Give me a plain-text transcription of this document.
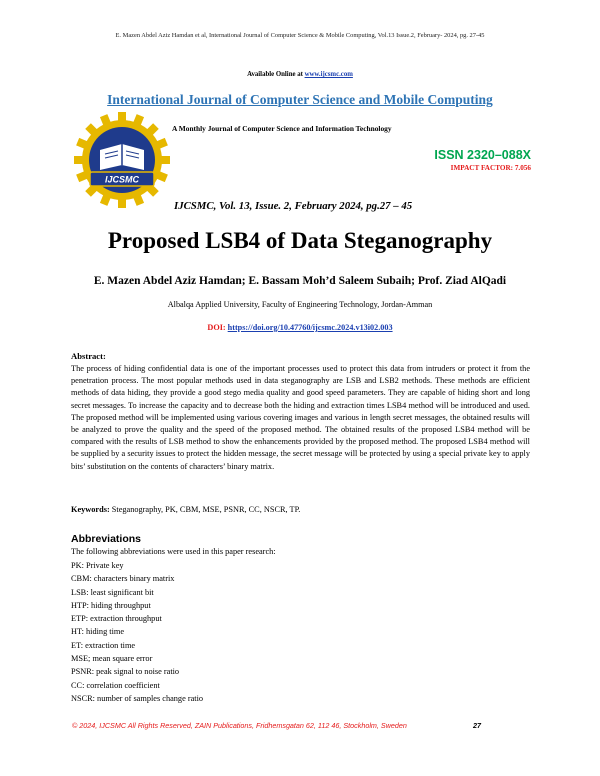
E. Mazen Abdel Aziz Hamdan et al, International Journal of Computer Science & Mobile Computing, Vol.13 Issue.2, February- 2024, pg. 27-45
Available Online at www.ijcsmc.com
International Journal of Computer Science and Mobile Computing
IJCSMC
A Monthly Journal of Computer Science and Information Technology
ISSN 2320–088X
IMPACT FACTOR: 7.056
IJCSMC, Vol. 13, Issue. 2, February 2024, pg.27 – 45
Proposed LSB4 of Data Steganography
E. Mazen Abdel Aziz Hamdan; E. Bassam Moh’d Saleem Subaih; Prof. Ziad AlQadi
Albalqa Applied University, Faculty of Engineering Technology, Jordan-Amman
DOI: https://doi.org/10.47760/ijcsmc.2024.v13i02.003
Abstract:
The process of hiding confidential data is one of the important processes used to protect this data from intruders or protect it from the penetration process. The most popular methods used in data steganography are LSB and LSB2 methods. These methods are efficient methods of data hiding, they provide a good stego media quality and good speed parameters. They are capable of hiding short and long secret messages. To increase the capacity and to decrease both the hiding and extraction times LSB4 method will be introduced and used. The proposed method will be implemented using various covering images and various in length secret messages, the obtained results will be analyzed to prove the quality and the speed of the proposed method. The obtained results of the proposed LSB4 method will be compared with the results of LSB method to show the enhancements provided by the proposed method. The proposed LSB4 method will be supplied by a security issues to protect the hidden message, the secret message will be protected by using a special private key to apply bits’ substitution on the contents of characters’ binary matrix.
Keywords: Steganography, PK, CBM, MSE, PSNR, CC, NSCR, TP.
Abbreviations
The following abbreviations were used in this paper research:
PK: Private key
CBM: characters binary matrix
LSB: least significant bit
HTP: hiding throughput
ETP: extraction throughput
HT: hiding time
ET: extraction time
MSE; mean square error
PSNR: peak signal to noise ratio
CC: correlation coefficient
NSCR: number of samples change ratio
© 2024, IJCSMC All Rights Reserved, ZAIN Publications, Fridhemsgatan 62, 112 46, Stockholm, Sweden	27
